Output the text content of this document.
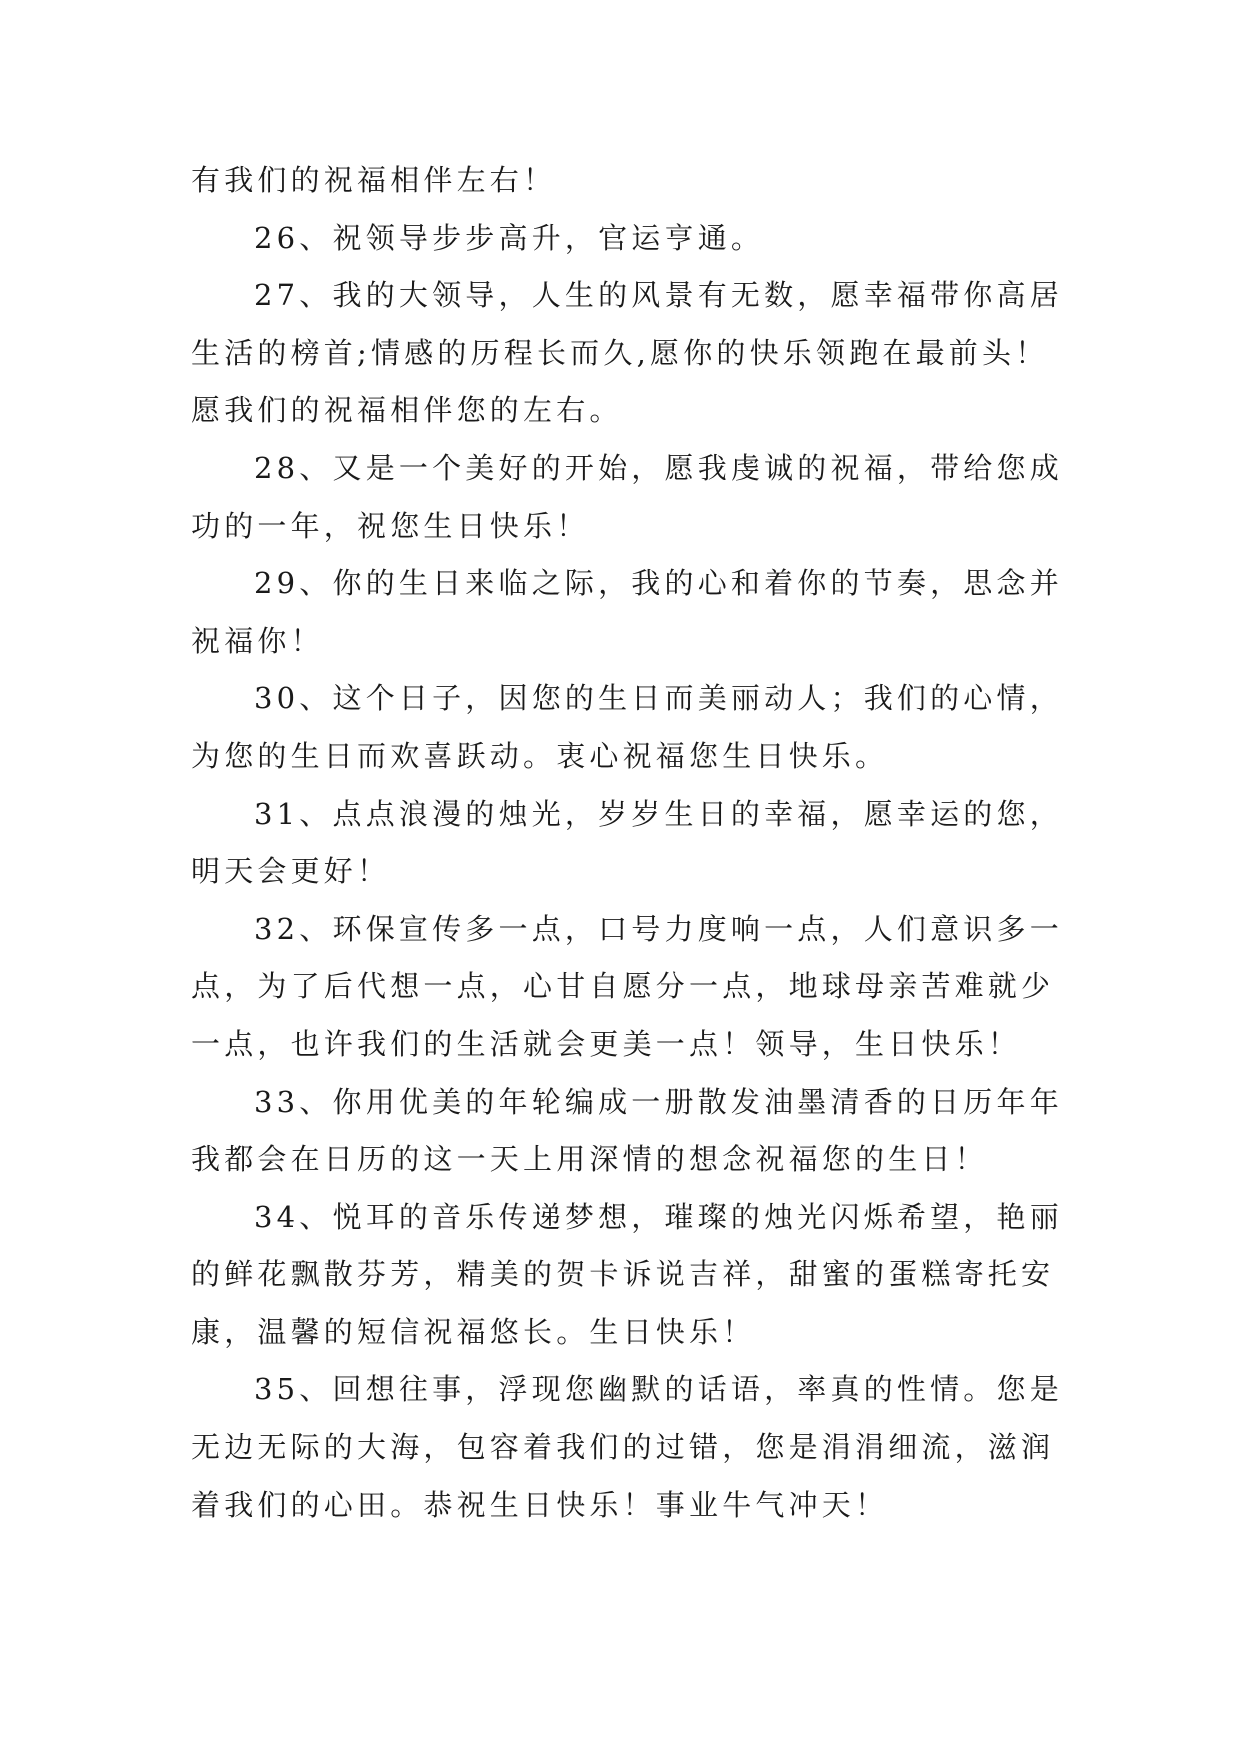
有我们的祝福相伴左右！
26、祝领导步步高升，官运亨通。
27、我的大领导，人生的风景有无数，愿幸福带你高居
生活的榜首;情感的历程长而久,愿你的快乐领跑在最前头！
愿我们的祝福相伴您的左右。
28、又是一个美好的开始，愿我虔诚的祝福，带给您成
功的一年，祝您生日快乐！
29、你的生日来临之际，我的心和着你的节奏，思念并
祝福你！
30、这个日子，因您的生日而美丽动人；我们的心情，
为您的生日而欢喜跃动。衷心祝福您生日快乐。
31、点点浪漫的烛光，岁岁生日的幸福，愿幸运的您，
明天会更好！
32、环保宣传多一点，口号力度响一点，人们意识多一
点，为了后代想一点，心甘自愿分一点，地球母亲苦难就少
一点，也许我们的生活就会更美一点！领导，生日快乐！
33、你用优美的年轮编成一册散发油墨清香的日历年年
我都会在日历的这一天上用深情的想念祝福您的生日！
34、悦耳的音乐传递梦想，璀璨的烛光闪烁希望，艳丽
的鲜花飘散芬芳，精美的贺卡诉说吉祥，甜蜜的蛋糕寄托安
康，温馨的短信祝福悠长。生日快乐！
35、回想往事，浮现您幽默的话语，率真的性情。您是
无边无际的大海，包容着我们的过错，您是涓涓细流，滋润
着我们的心田。恭祝生日快乐！事业牛气冲天！
